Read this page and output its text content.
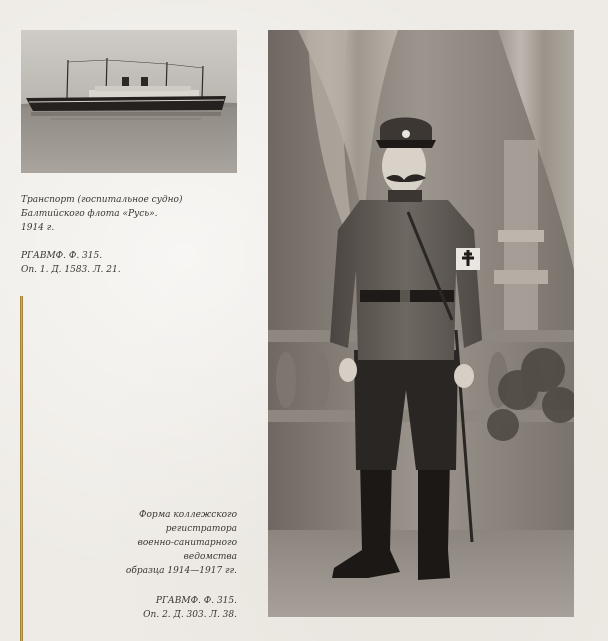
Транспорт (госпитальное судно)
Балтийского флота «Русь».
1914 г.
РГАВМФ. Ф. 315.
Оп. 1. Д. 1583. Л. 21.
Форма коллежского
регистратора
военно-санитарного
ведомства
образца 1914—1917 гг.
РГАВМФ. Ф. 315.
Оп. 2. Д. 303. Л. 38.
